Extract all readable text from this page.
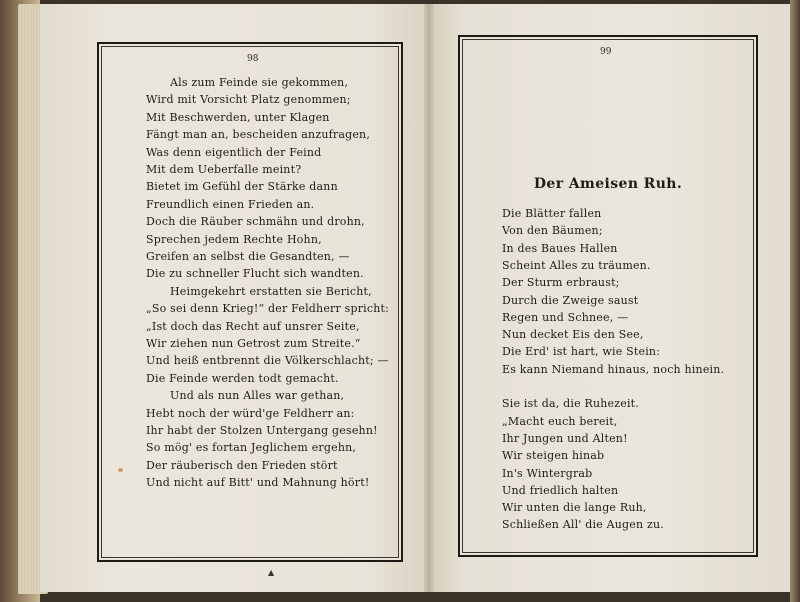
98
99
Der Ameisen Ruh.
Als zum Feinde sie gekommen,
Wird mit Vorsicht Platz genommen;
Mit Beschwerden, unter Klagen
Fängt man an, bescheiden anzufragen,
Was denn eigentlich der Feind
Mit dem Ueberfalle meint?
Bietet im Gefühl der Stärke dann
Freundlich einen Frieden an.
Doch die Räuber schmähn und drohn,
Sprechen jedem Rechte Hohn,
Greifen an selbst die Gesandten, —
Die zu schneller Flucht sich wandten.
Heimgekehrt erstatten sie Bericht,
„So sei denn Krieg!“ der Feldherr spricht:
„Ist doch das Recht auf unsrer Seite,
Wir ziehen nun Getrost zum Streite.“
Und heiß entbrennt die Völkerschlacht; —
Die Feinde werden todt gemacht.
Und als nun Alles war gethan,
Hebt noch der würd'ge Feldherr an:
Ihr habt der Stolzen Untergang gesehn!
So mög' es fortan Jeglichem ergehn,
Der räuberisch den Frieden stört
Und nicht auf Bitt' und Mahnung hört!
Die Blätter fallen
Von den Bäumen;
In des Baues Hallen
Scheint Alles zu träumen.
Der Sturm erbraust;
Durch die Zweige saust
Regen und Schnee, —
Nun decket Eis den See,
Die Erd' ist hart, wie Stein:
Es kann Niemand hinaus, noch hinein.
Sie ist da, die Ruhezeit.
„Macht euch bereit,
Ihr Jungen und Alten!
Wir steigen hinab
In's Wintergrab
Und friedlich halten
Wir unten die lange Ruh,
Schließen All' die Augen zu.
▲
